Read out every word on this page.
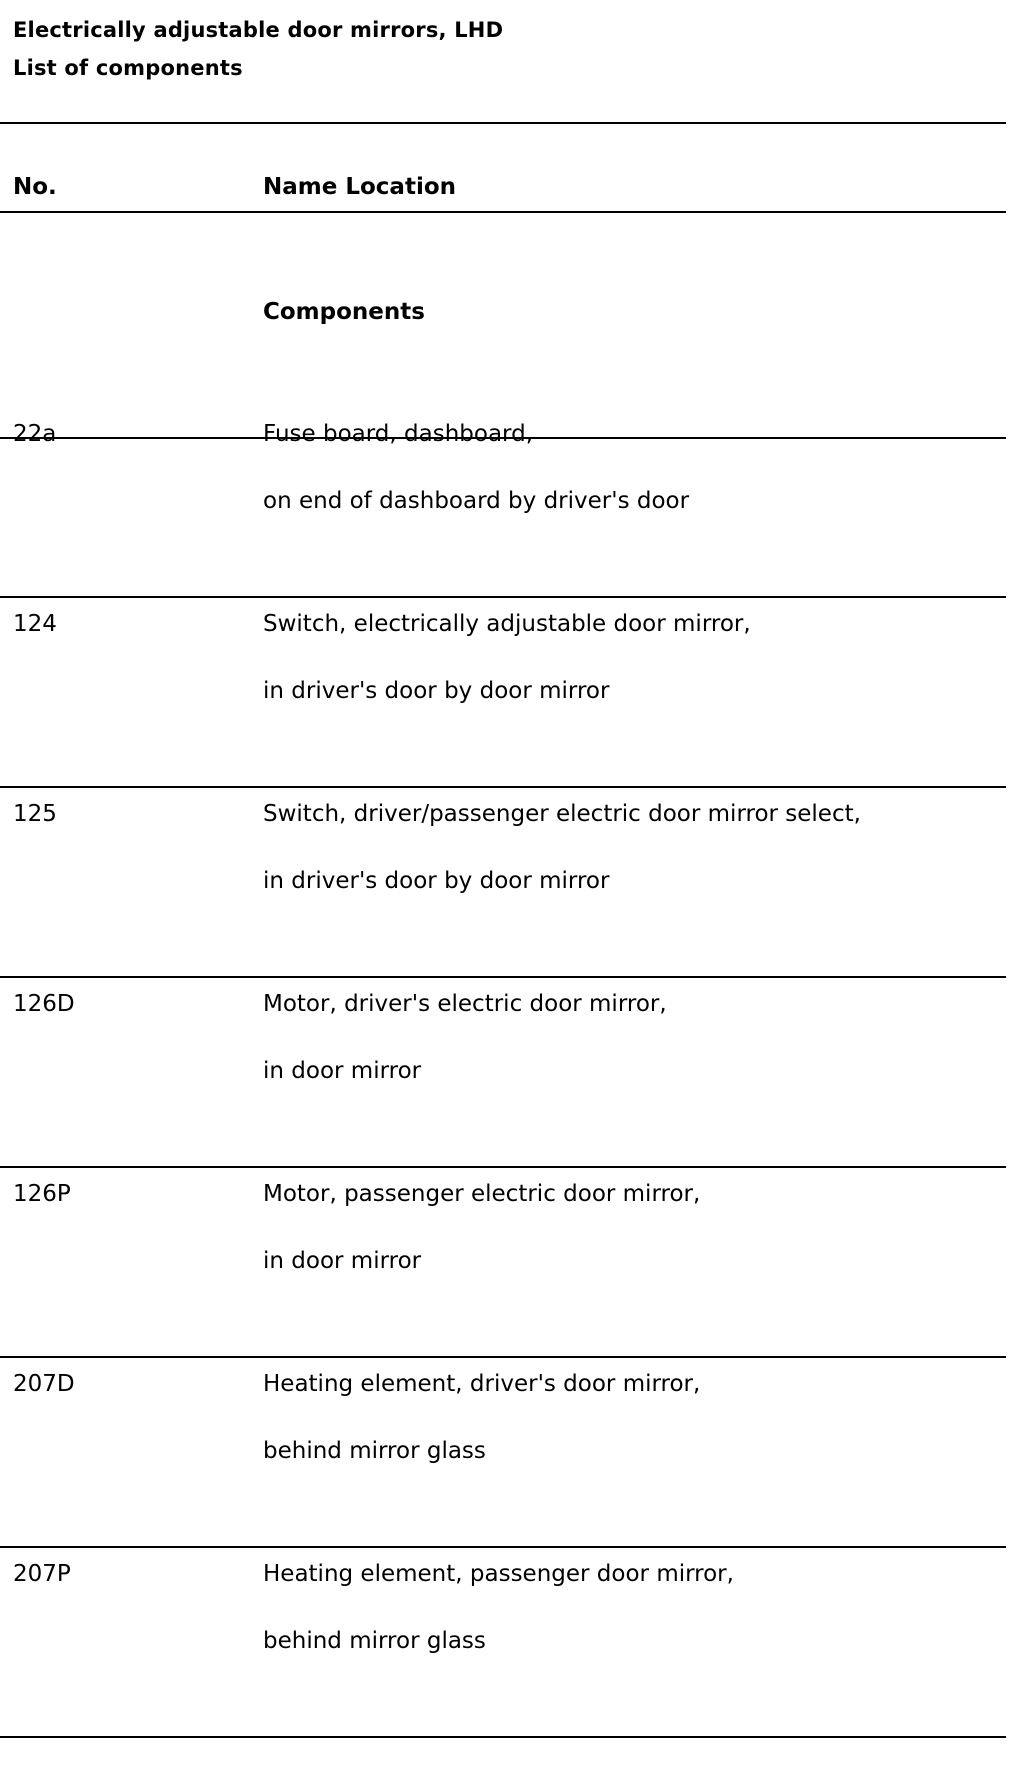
Electrically adjustable door mirrors, LHD
List of components
No.	Name Location
Components
22a	Fuse board, dashboard,
on end of dashboard by driver's door
124	Switch, electrically adjustable door mirror,
in driver's door by door mirror
125	Switch, driver/passenger electric door mirror select,
in driver's door by door mirror
126D	Motor, driver's electric door mirror,
in door mirror
126P	Motor, passenger electric door mirror,
in door mirror
207D	Heating element, driver's door mirror,
behind mirror glass
207P	Heating element, passenger door mirror,
behind mirror glass
